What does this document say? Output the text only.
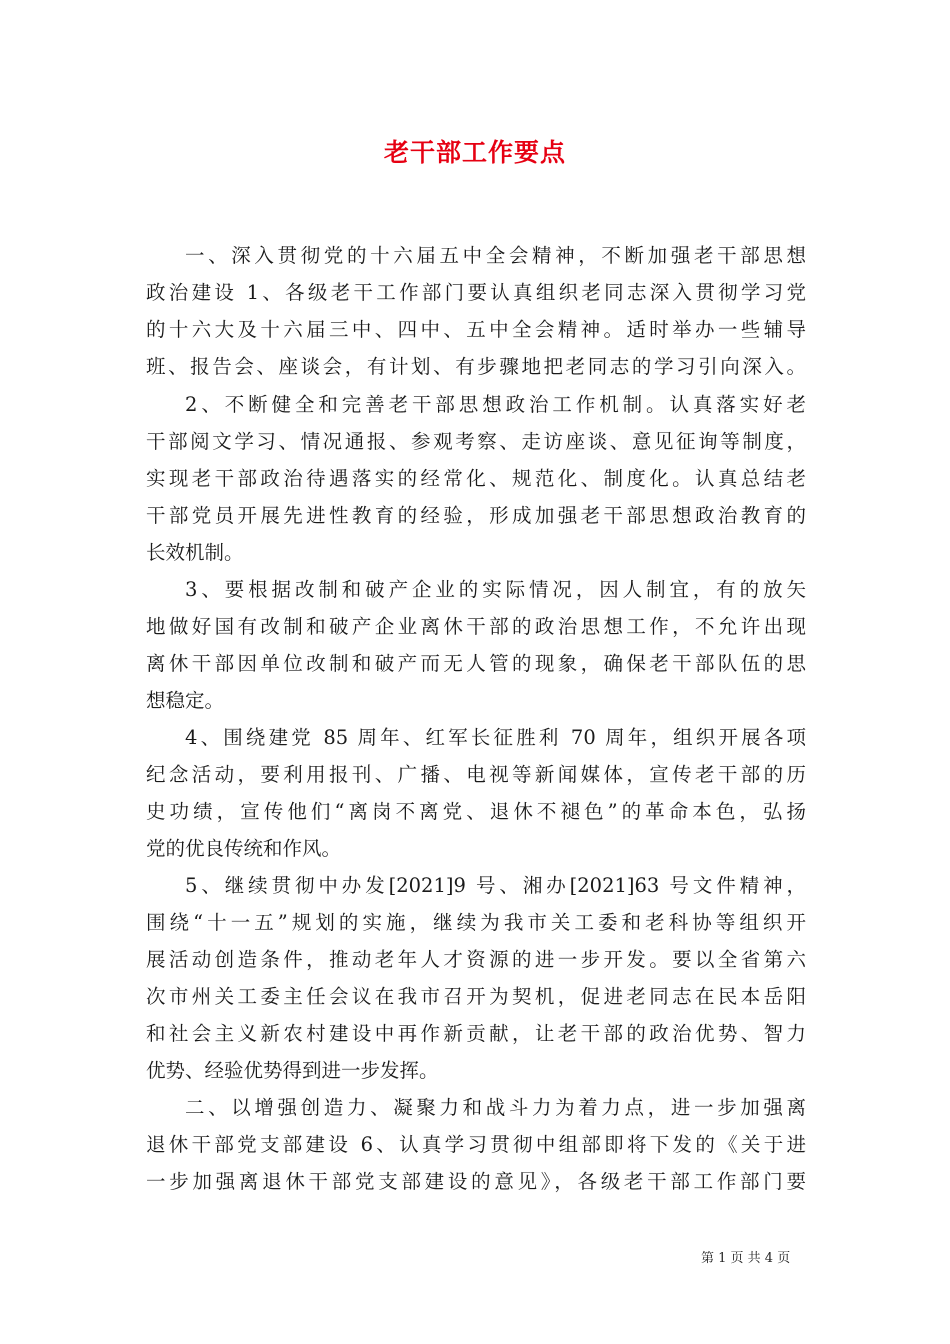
老干部工作要点
一、深入贯彻党的十六届五中全会精神，不断加强老干部思想
政治建设 1、各级老干工作部门要认真组织老同志深入贯彻学习党
的十六大及十六届三中、四中、五中全会精神。适时举办一些辅导
班、报告会、座谈会，有计划、有步骤地把老同志的学习引向深入。
2、不断健全和完善老干部思想政治工作机制。认真落实好老
干部阅文学习、情况通报、参观考察、走访座谈、意见征询等制度，
实现老干部政治待遇落实的经常化、规范化、制度化。认真总结老
干部党员开展先进性教育的经验，形成加强老干部思想政治教育的
长效机制。
3、要根据改制和破产企业的实际情况，因人制宜，有的放矢
地做好国有改制和破产企业离休干部的政治思想工作，不允许出现
离休干部因单位改制和破产而无人管的现象，确保老干部队伍的思
想稳定。
4、围绕建党 85 周年、红军长征胜利 70 周年，组织开展各项
纪念活动，要利用报刊、广播、电视等新闻媒体，宣传老干部的历
史功绩，宣传他们“离岗不离党、退休不褪色”的革命本色，弘扬
党的优良传统和作风。
5、继续贯彻中办发[2021]9 号、湘办[2021]63 号文件精神，
围绕“十一五”规划的实施，继续为我市关工委和老科协等组织开
展活动创造条件，推动老年人才资源的进一步开发。要以全省第六
次市州关工委主任会议在我市召开为契机，促进老同志在民本岳阳
和社会主义新农村建设中再作新贡献，让老干部的政治优势、智力
优势、经验优势得到进一步发挥。
二、以增强创造力、凝聚力和战斗力为着力点，进一步加强离
退休干部党支部建设 6、认真学习贯彻中组部即将下发的《关于进
一步加强离退休干部党支部建设的意见》，各级老干部工作部门要
第 1 页 共 4 页
